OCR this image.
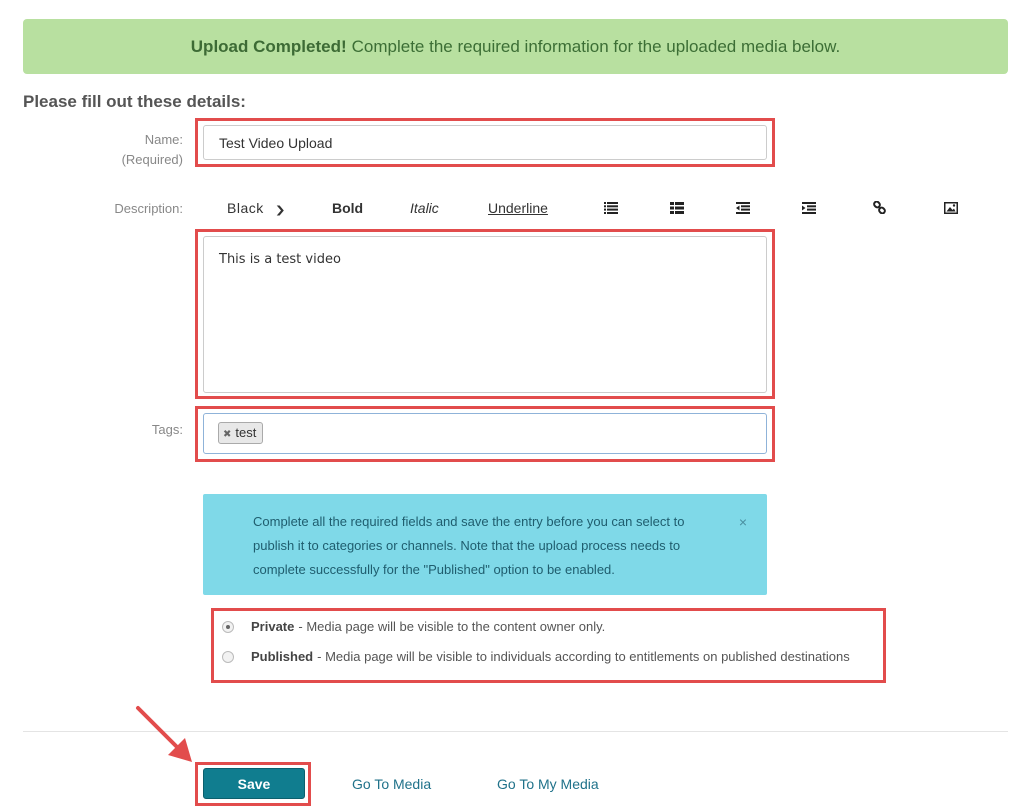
Upload Completed! Complete the required information for the uploaded media below.
Please fill out these details:
Name:
(Required)
Test Video Upload
Description:	Black ❯	Bold	Italic	Underline
This is a test video
Tags:	✖ test
Complete all the required fields and save the entry before you can select to publish it to categories or channels. Note that the upload process needs to complete successfully for the "Published" option to be enabled.
×
Private - Media page will be visible to the content owner only.
Published - Media page will be visible to individuals according to entitlements on published destinations
Save	Go To Media	Go To My Media
